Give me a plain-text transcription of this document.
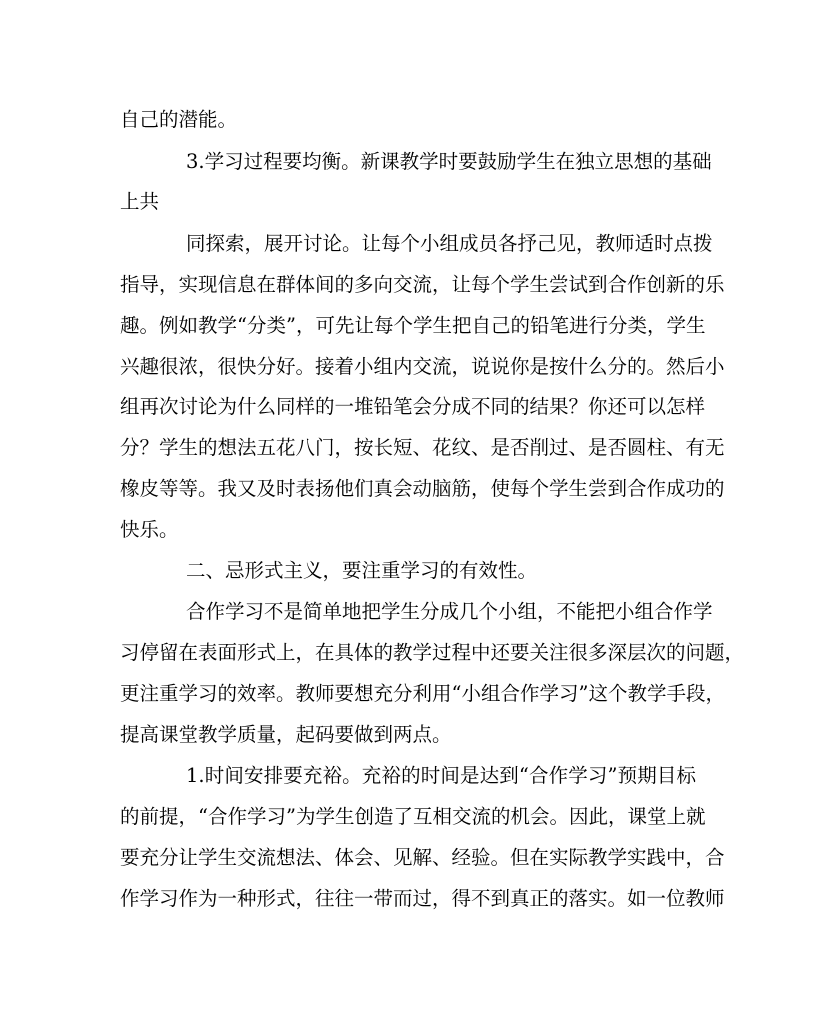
自己的潜能。
3.学习过程要均衡。新课教学时要鼓励学生在独立思想的基础
上共
同探索，展开讨论。让每个小组成员各抒己见，教师适时点拨
指导，实现信息在群体间的多向交流，让每个学生尝试到合作创新的乐
趣。例如教学“分类”，可先让每个学生把自己的铅笔进行分类，学生
兴趣很浓，很快分好。接着小组内交流，说说你是按什么分的。然后小
组再次讨论为什么同样的一堆铅笔会分成不同的结果？你还可以怎样
分？学生的想法五花八门，按长短、花纹、是否削过、是否圆柱、有无
橡皮等等。我又及时表扬他们真会动脑筋，使每个学生尝到合作成功的
快乐。
二、忌形式主义，要注重学习的有效性。
合作学习不是简单地把学生分成几个小组，不能把小组合作学
习停留在表面形式上，在具体的教学过程中还要关注很多深层次的问题，
更注重学习的效率。教师要想充分利用“小组合作学习”这个教学手段，
提高课堂教学质量，起码要做到两点。
1.时间安排要充裕。充裕的时间是达到“合作学习”预期目标
的前提，“合作学习”为学生创造了互相交流的机会。因此，课堂上就
要充分让学生交流想法、体会、见解、经验。但在实际教学实践中，合
作学习作为一种形式，往往一带而过，得不到真正的落实。如一位教师
